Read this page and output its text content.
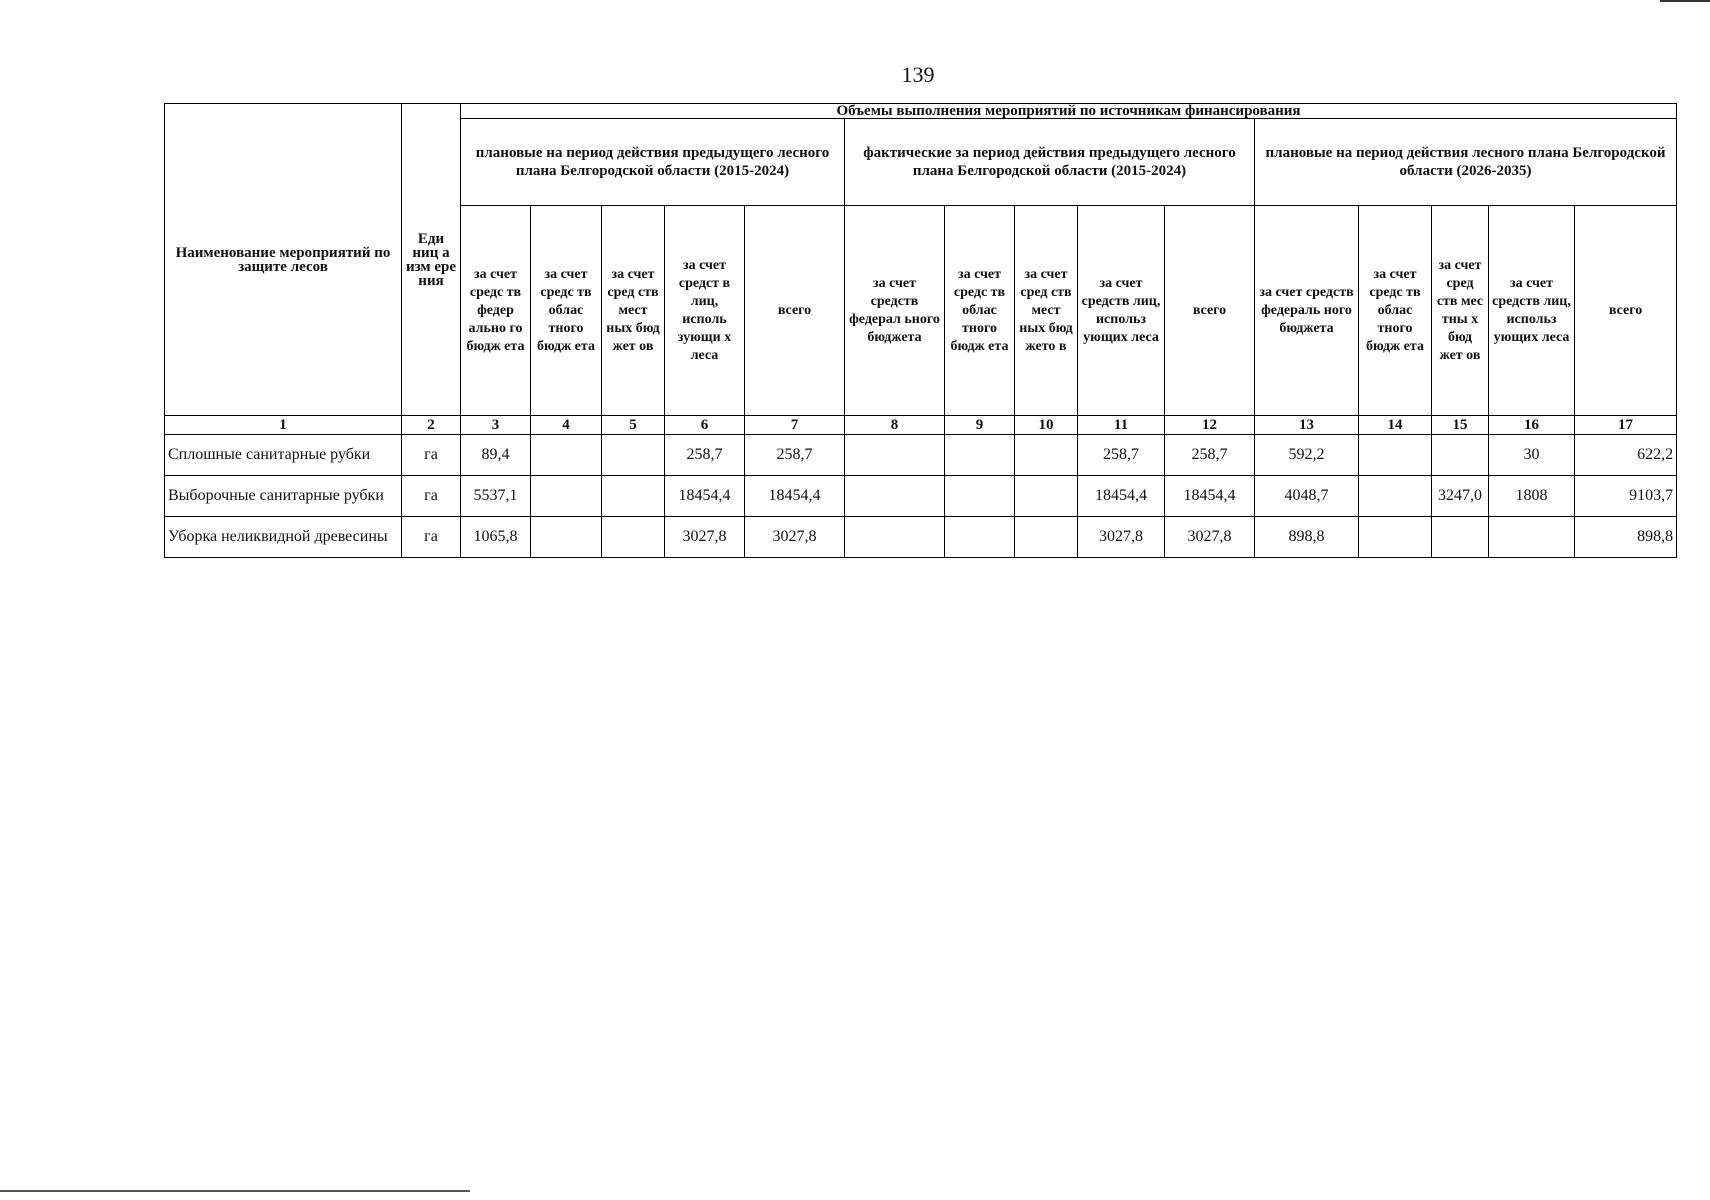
139
Наименование мероприятий по защите лесов	Еди ниц а изм ере ния	Объемы выполнения мероприятий по источникам финансирования														
		плановые на период действия предыдущего лесного плана Белгородской области (2015-2024)					фактические за период действия предыдущего лесного плана Белгородской области (2015-2024)					плановые на период действия лесного плана Белгородской области (2026-2035)				
		за счет средс тв федер ально го бюдж ета	за счет средс тв облас тного бюдж ета	за счет сред ств мест ных бюд жет ов	за счет средст в лиц, исполь зующи х леса	всего	за счет средств федерал ьного бюджета	за счет средс тв облас тного бюдж ета	за счет сред ств мест ных бюд жето в	за счет средств лиц, использ ующих леса	всего	за счет средств федераль ного бюджета	за счет средс тв облас тного бюдж ета	за счет сред ств мес тны х бюд жет ов	за счет средств лиц, использ ующих леса	всего
1	2	3	4	5	6	7	8	9	10	11	12	13	14	15	16	17
Сплошные санитарные рубки	га	89,4			258,7	258,7				258,7	258,7	592,2			30	622,2
Выборочные санитарные рубки	га	5537,1			18454,4	18454,4				18454,4	18454,4	4048,7		3247,0	1808	9103,7
Уборка неликвидной древесины	га	1065,8			3027,8	3027,8				3027,8	3027,8	898,8				898,8
